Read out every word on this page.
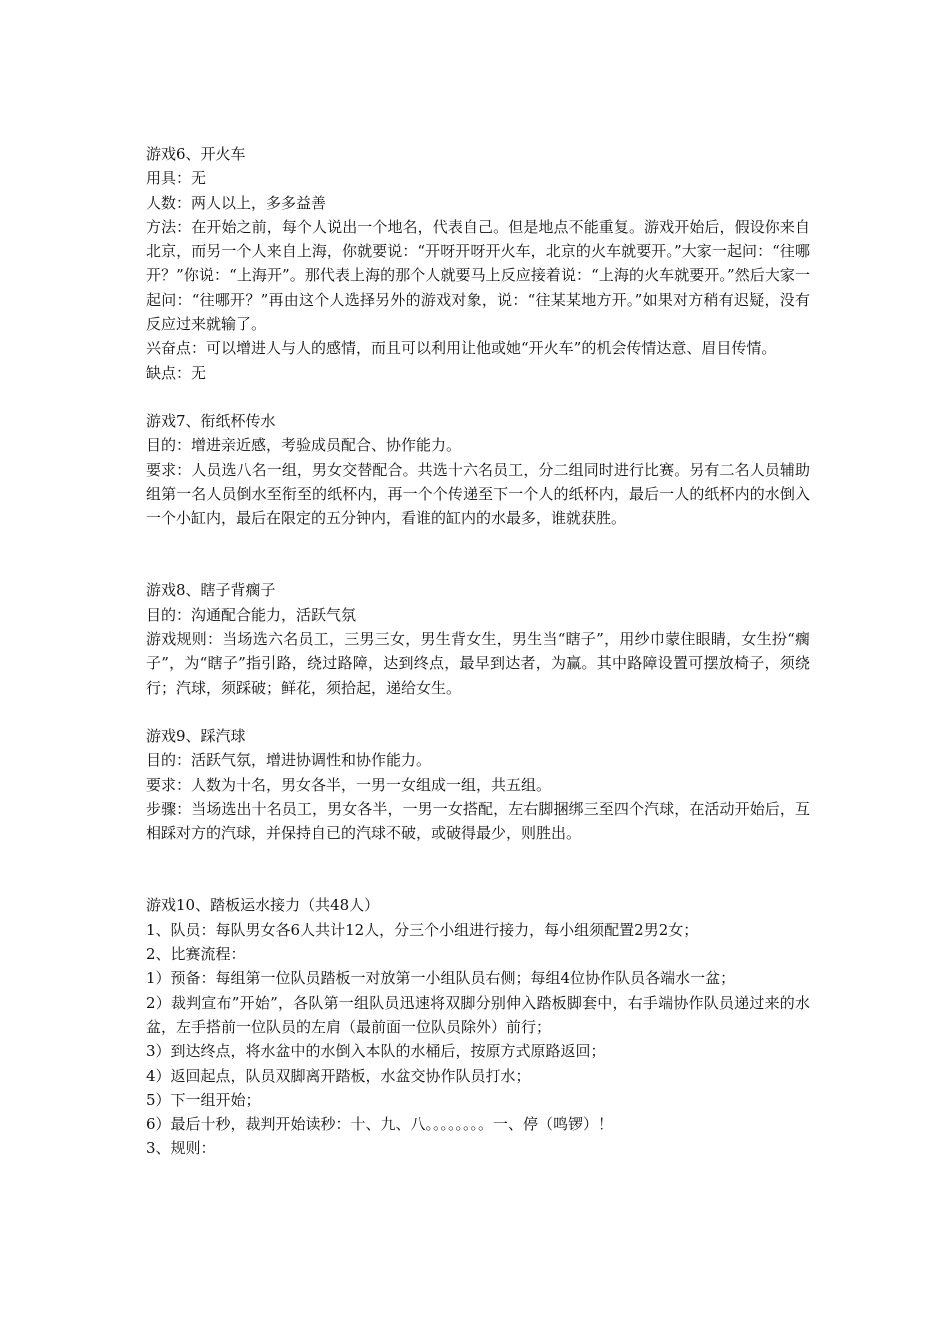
游戏6、开火车

用具：无

人数：两人以上，多多益善

方法：在开始之前，每个人说出一个地名，代表自己。但是地点不能重复。游戏开始后，假设你来自北京，而另一个人来自上海，你就要说：“开呀开呀开火车，北京的火车就要开。”大家一起问：“往哪开？”你说：“上海开”。那代表上海的那个人就要马上反应接着说：“上海的火车就要开。”然后大家一起问：“往哪开？”再由这个人选择另外的游戏对象，说：“往某某地方开。”如果对方稍有迟疑，没有反应过来就输了。

兴奋点：可以增进人与人的感情，而且可以利用让他或她“开火车”的机会传情达意、眉目传情。

缺点：无

游戏7、衔纸杯传水

目的：增进亲近感，考验成员配合、协作能力。

要求：人员选八名一组，男女交替配合。共选十六名员工，分二组同时进行比赛。另有二名人员辅助组第一名人员倒水至衔至的纸杯内，再一个个传递至下一个人的纸杯内，最后一人的纸杯内的水倒入一个小缸内，最后在限定的五分钟内，看谁的缸内的水最多，谁就获胜。

游戏8、瞎子背瘸子

目的：沟通配合能力，活跃气氛

游戏规则：当场选六名员工，三男三女，男生背女生，男生当“瞎子”，用纱巾蒙住眼睛，女生扮“瘸子”，为“瞎子”指引路，绕过路障，达到终点，最早到达者，为赢。其中路障设置可摆放椅子，须绕行；汽球，须踩破；鲜花，须拾起，递给女生。

游戏9、踩汽球

目的：活跃气氛，增进协调性和协作能力。

要求：人数为十名，男女各半，一男一女组成一组，共五组。

步骤：当场选出十名员工，男女各半，一男一女搭配，左右脚捆绑三至四个汽球，在活动开始后，互相踩对方的汽球，并保持自已的汽球不破，或破得最少，则胜出。

游戏10、踏板运水接力（共48人）

1、队员：每队男女各6人共计12人，分三个小组进行接力，每小组须配置2男2女；

2、比赛流程：

1）预备：每组第一位队员踏板一对放第一小组队员右侧；每组4位协作队员各端水一盆；

2）裁判宣布”开始”，各队第一组队员迅速将双脚分别伸入踏板脚套中，右手端协作队员递过来的水盆，左手搭前一位队员的左肩（最前面一位队员除外）前行；

3）到达终点，将水盆中的水倒入本队的水桶后，按原方式原路返回；

4）返回起点，队员双脚离开踏板，水盆交协作队员打水；

5）下一组开始；

6）最后十秒，裁判开始读秒：十、九、八。。。。。。。。一、停（鸣锣）！

3、规则：
